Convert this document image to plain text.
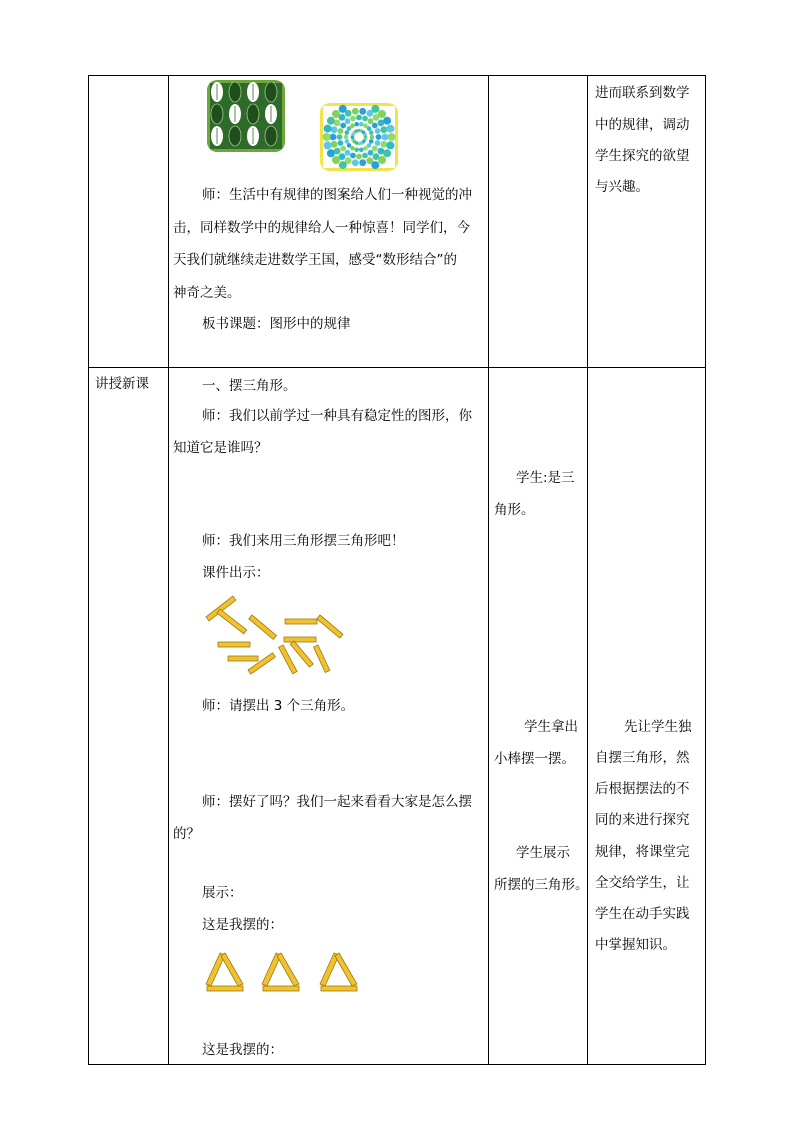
师：生活中有规律的图案给人们一种视觉的冲
击，同样数学中的规律给人一种惊喜！同学们，今
天我们就继续走进数学王国，感受“数形结合”的
神奇之美。
板书课题：图形中的规律
进而联系到数学
中的规律，调动
学生探究的欲望
与兴趣。
讲授新课	一、摆三角形。
师：我们以前学过一种具有稳定性的图形，你
知道它是谁吗？
学生:是三
角形。
师：我们来用三角形摆三角形吧！
课件出示：
师：请摆出 3 个三角形。
学生拿出
小棒摆一摆。
师：摆好了吗？我们一起来看看大家是怎么摆
的？
学生展示
所摆的三角形。
展示：
这是我摆的：
这是我摆的：
先让学生独
自摆三角形，然
后根据摆法的不
同的来进行探究
规律，将课堂完
全交给学生，让
学生在动手实践
中掌握知识。
